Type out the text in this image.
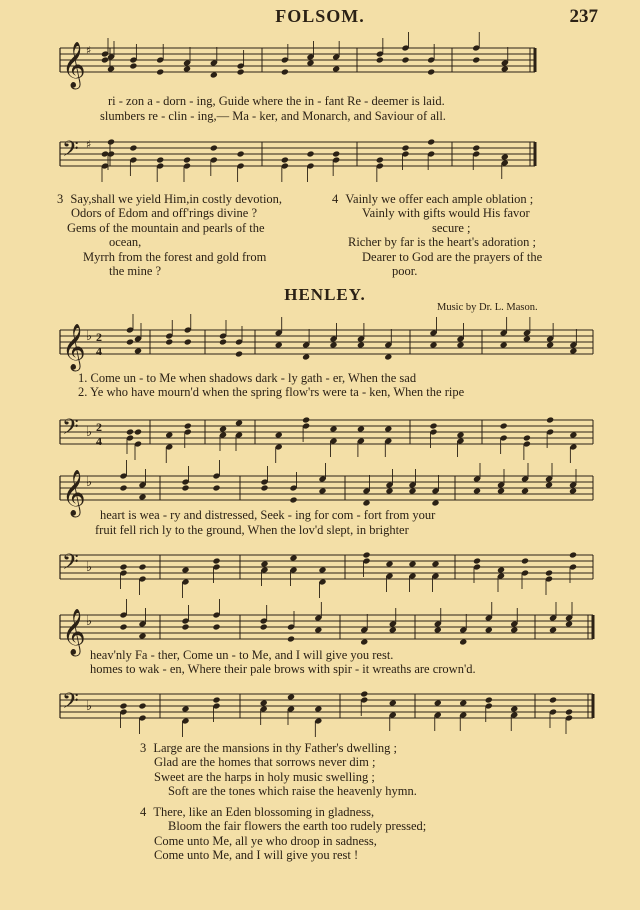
FOLSOM.	237
𝄞 ♯
ri - zon a - dorn - ing, Guide where the in - fant Re - deemer is laid.
slumbers re - clin - ing,— Ma - ker, and Monarch, and Saviour of all.
𝄢 ♯
3 Say,shall we yield Him,in costly devotion,
Odors of Edom and off'rings divine ?
Gems of the mountain and pearls of the
ocean,
Myrrh from the forest and gold from
the mine ?
4 Vainly we offer each ample oblation ;
Vainly with gifts would His favor
secure ;
Richer by far is the heart's adoration ;
Dearer to God are the prayers of the
poor.
HENLEY.
Music by Dr. L. Mason.
𝄞 ♭ 2
4
1. Come un - to Me when shadows dark - ly gath - er, When the sad
2. Ye who have mourn'd when the spring flow'rs were ta - ken, When the ripe
𝄢 ♭ 2
4
𝄞 ♭
heart is wea - ry and distressed, Seek - ing for com - fort from your
fruit fell rich ly to the ground, When the lov'd slept, in brighter
𝄢 ♭
𝄞 ♭
heav'nly Fa - ther, Come un - to Me, and I will give you rest.
homes to wak - en, Where their pale brows with spir - it wreaths are crown'd.
𝄢 ♭
3 Large are the mansions in thy Father's dwelling ;
Glad are the homes that sorrows never dim ;
Sweet are the harps in holy music swelling ;
Soft are the tones which raise the heavenly hymn.
4 There, like an Eden blossoming in gladness,
Bloom the fair flowers the earth too rudely pressed;
Come unto Me, all ye who droop in sadness,
Come unto Me, and I will give you rest !
